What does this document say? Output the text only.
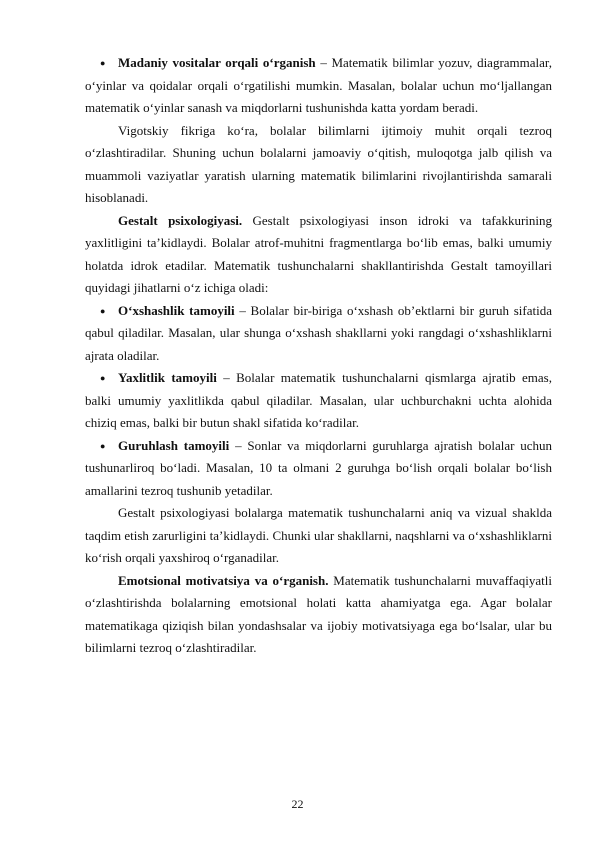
● Madaniy vositalar orqali o‘rganish – Matematik bilimlar yozuv, diagrammalar, o‘yinlar va qoidalar orqali o‘rgatilishi mumkin. Masalan, bolalar uchun mo‘ljallangan matematik o‘yinlar sanash va miqdorlarni tushunishda katta yordam beradi.

Vigotskiy fikriga ko‘ra, bolalar bilimlarni ijtimoiy muhit orqali tezroq o‘zlashtiradilar. Shuning uchun bolalarni jamoaviy o‘qitish, muloqotga jalb qilish va muammoli vaziyatlar yaratish ularning matematik bilimlarini rivojlantirishda samarali hisoblanadi.

Gestalt psixologiyasi. Gestalt psixologiyasi inson idroki va tafakkurining yaxlitligini ta’kidlaydi. Bolalar atrof-muhitni fragmentlarga bo‘lib emas, balki umumiy holatda idrok etadilar. Matematik tushunchalarni shakllantirishda Gestalt tamoyillari quyidagi jihatlarni o‘z ichiga oladi:

● O‘xshashlik tamoyili – Bolalar bir-biriga o‘xshash ob’ektlarni bir guruh sifatida qabul qiladilar. Masalan, ular shunga o‘xshash shakllarni yoki rangdagi o‘xshashliklarni ajrata oladilar.

● Yaxlitlik tamoyili – Bolalar matematik tushunchalarni qismlarga ajratib emas, balki umumiy yaxlitlikda qabul qiladilar. Masalan, ular uchburchakni uchta alohida chiziq emas, balki bir butun shakl sifatida ko‘radilar.

● Guruhlash tamoyili – Sonlar va miqdorlarni guruhlarga ajratish bolalar uchun tushunarliroq bo‘ladi. Masalan, 10 ta olmani 2 guruhga bo‘lish orqali bolalar bo‘lish amallarini tezroq tushunib yetadilar.

Gestalt psixologiyasi bolalarga matematik tushunchalarni aniq va vizual shaklda taqdim etish zarurligini ta’kidlaydi. Chunki ular shakllarni, naqshlarni va o‘xshashliklarni ko‘rish orqali yaxshiroq o‘rganadilar.

Emotsional motivatsiya va o‘rganish. Matematik tushunchalarni muvaffaqiyatli o‘zlashtirishda bolalarning emotsional holati katta ahamiyatga ega. Agar bolalar matematikaga qiziqish bilan yondashsalar va ijobiy motivatsiyaga ega bo‘lsalar, ular bu bilimlarni tezroq o‘zlashtiradilar.

22
